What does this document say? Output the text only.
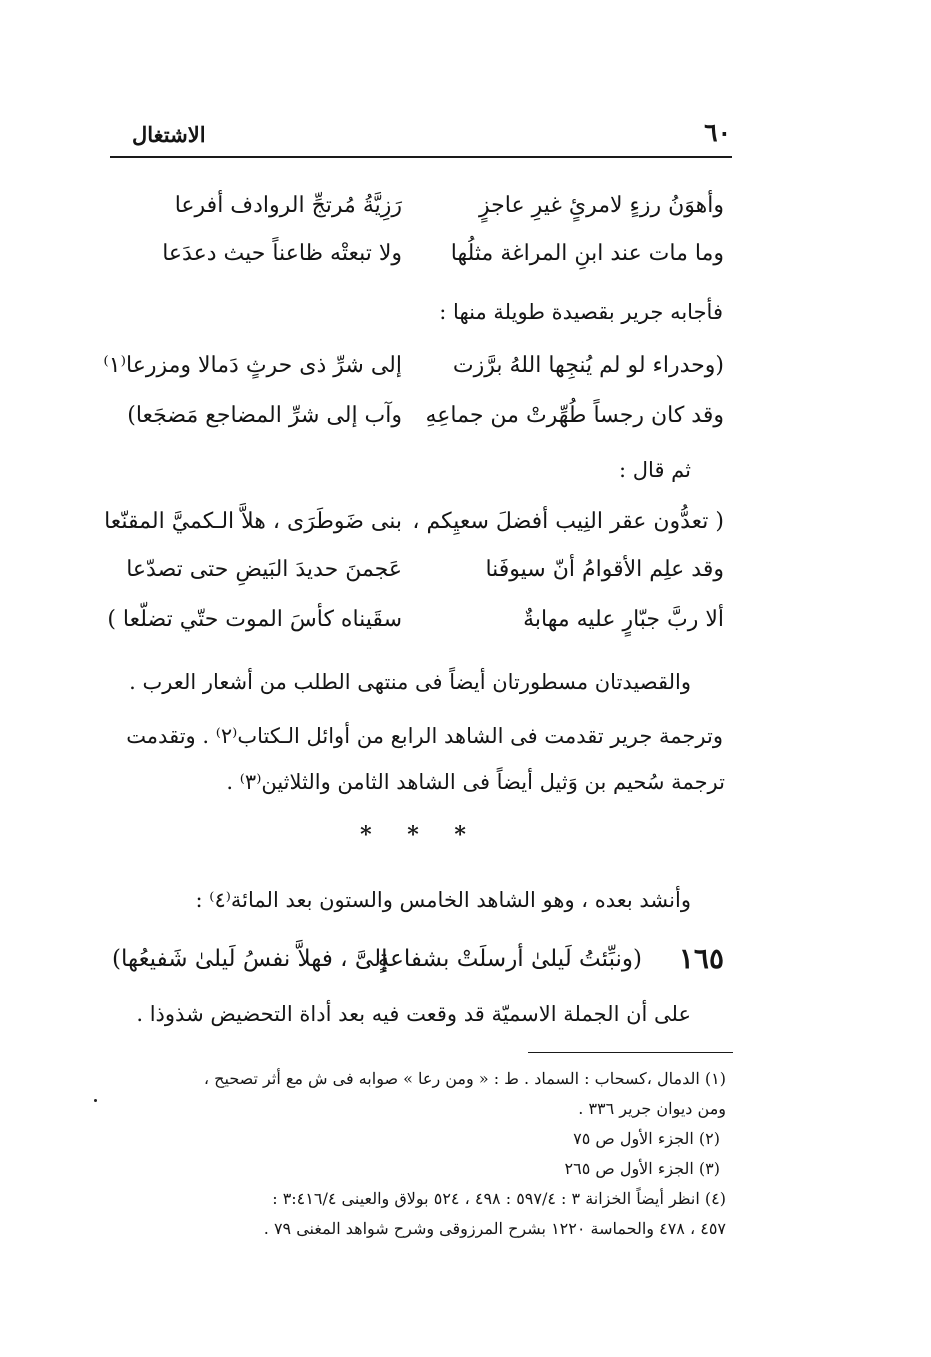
٦٠
الاشتغال
وأهوَنُ رزءٍ لامرئٍ غيرِ عاجزٍ
رَزِيَّةُ مُرتجِّ الروادف أفرعا
وما مات عند ابنِ المراغة مثلُها
ولا تبعتْه ظاعناً حيث دعدَعا
فأجابه جرير بقصيدة طويلة منها :
(وحدراء لو لم يُنجِها اللهُ برَّزت
إلى شرِّ ذى حرثٍ دَمالا ومزرعا⁽١⁾
وقد كان رجساً طُهِّرتْ من جماعِهِ
وآب إلى شرِّ المضاجع مَضجَعا)
ثم قال :
( تعدُّون عقر النِيب أفضلَ سعيِكم ،
بنى ضَوطَرَى ، هلاَّ الـكميَّ المقنّعا
وقد علِم الأقوامُ أنّ سيوفَنا
عَجمنَ حديدَ البَيضِ حتى تصدّعا
ألا ربَّ جبّارٍ عليه مهابةٌ
سقَيناه كأسَ الموت حتّي تضلّعا )
والقصيدتان مسطورتان أيضاً فى منتهى الطلب من أشعار العرب .
وترجمة جرير تقدمت فى الشاهد الرابع من أوائل الـكتاب⁽٢⁾ . وتقدمت
ترجمة سُحيم بن وَثيل أيضاً فى الشاهد الثامن والثلاثين⁽٣⁾ .
* * *
وأنشد بعده ، وهو الشاهد الخامس والستون بعد المائة⁽٤⁾ :
١٦٥
(ونبِّئتُ لَيلىٰ أرسلَتْ بشفاعةٍ
إلىَّ ، فهلاَّ نفسُ لَيلىٰ شَفيعُها)
على أن الجملة الاسميّة قد وقعت فيه بعد أداة التحضيض شذوذا .
(١) الدمال ،كسحاب : السماد . ط : « ومن رعا » صوابه فى ش مع أثر تصحيح ،
ومن ديوان جرير ٣٣٦ .
(٢) الجزء الأول ص ٧٥
(٣) الجزء الأول ص ٢٦٥
(٤) انظر أيضاً الخزانة ٣ : ٥٩٧/٤ : ٤٩٨ ، ٥٢٤ بولاق والعينى ٣:٤١٦/٤ :
٤٥٧ ، ٤٧٨ والحماسة ١٢٢٠ بشرح المرزوقى وشرح شواهد المغنى ٧٩ .
